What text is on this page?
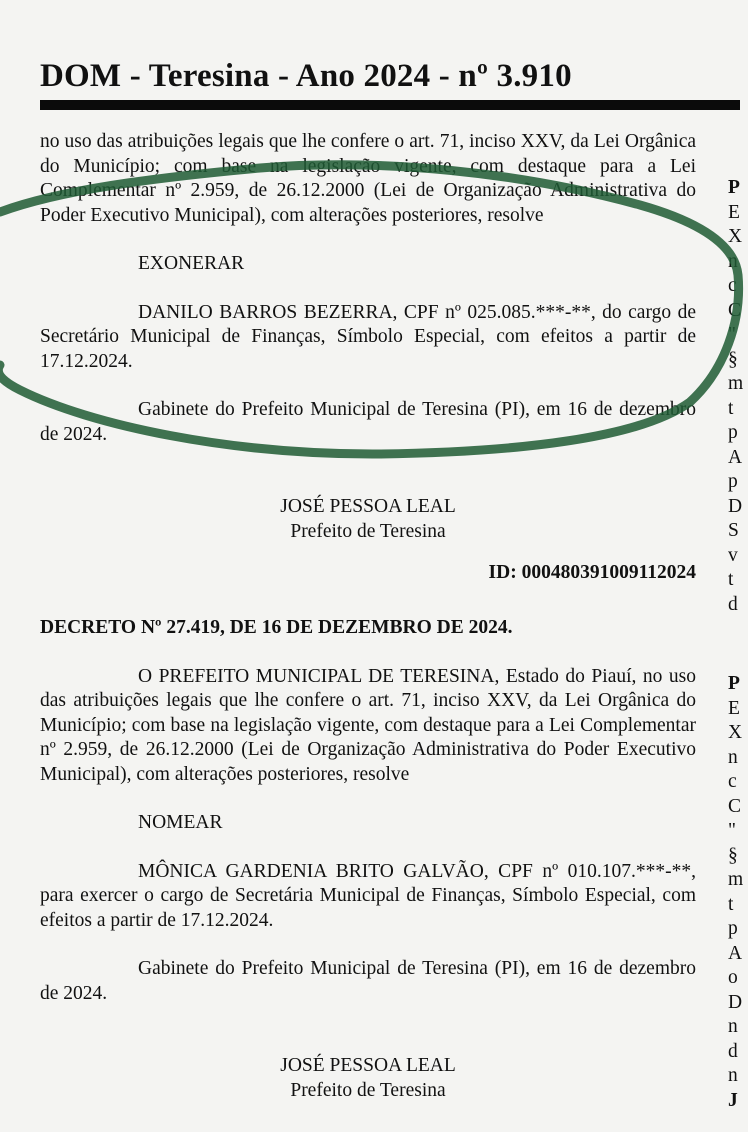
DOM - Teresina - Ano 2024 - nº 3.910

no uso das atribuições legais que lhe confere o art. 71, inciso XXV, da Lei Orgânica do Município; com base na legislação vigente, com destaque para a Lei Complementar nº 2.959, de 26.12.2000 (Lei de Organização Administrativa do Poder Executivo Municipal), com alterações posteriores, resolve

EXONERAR

DANILO BARROS BEZERRA, CPF nº 025.085.***-**, do cargo de Secretário Municipal de Finanças, Símbolo Especial, com efeitos a partir de 17.12.2024.

Gabinete do Prefeito Municipal de Teresina (PI), em 16 de dezembro de 2024.

JOSÉ PESSOA LEAL

Prefeito de Teresina

ID: 000480391009112024

DECRETO Nº 27.419, DE 16 DE DEZEMBRO DE 2024.

O PREFEITO MUNICIPAL DE TERESINA, Estado do Piauí, no uso das atribuições legais que lhe confere o art. 71, inciso XXV, da Lei Orgânica do Município; com base na legislação vigente, com destaque para a Lei Complementar nº 2.959, de 26.12.2000 (Lei de Organização Administrativa do Poder Executivo Municipal), com alterações posteriores, resolve

NOMEAR

MÔNICA GARDENIA BRITO GALVÃO, CPF nº 010.107.***-**, para exercer o cargo de Secretária Municipal de Finanças, Símbolo Especial, com efeitos a partir de 17.12.2024.

Gabinete do Prefeito Municipal de Teresina (PI), em 16 de dezembro de 2024.

JOSÉ PESSOA LEAL

Prefeito de Teresina

P
E
X
n
c
C
"
§
m
t
p
A
p
D
S
v
t
d
P
E
X
n
c
C
"
§
m
t
p
A
o
D
n
d
n
J
